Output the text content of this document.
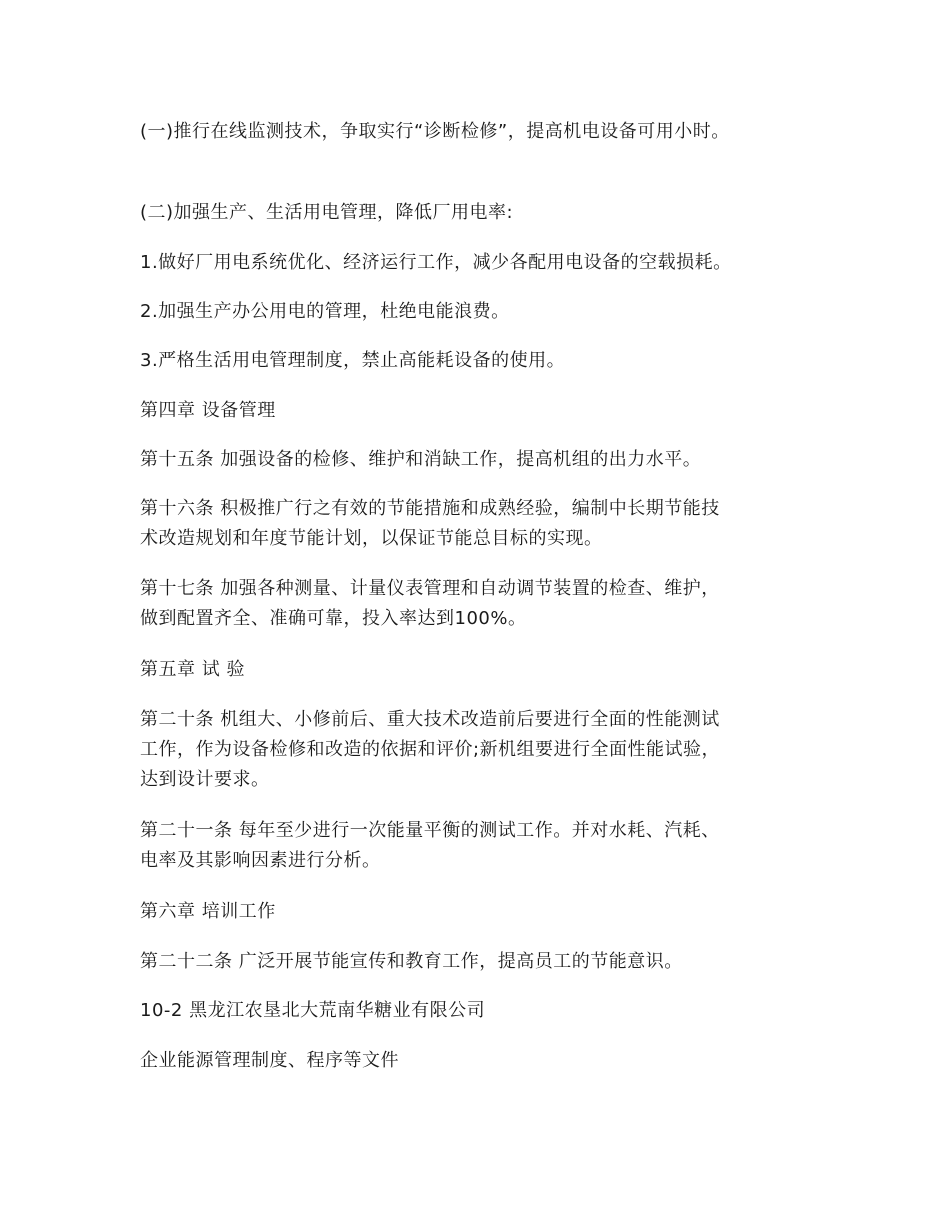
(一)推行在线监测技术，争取实行“诊断检修”，提高机电设备可用小时。

(二)加强生产、生活用电管理，降低厂用电率:

1.做好厂用电系统优化、经济运行工作，减少各配用电设备的空载损耗。

2.加强生产办公用电的管理，杜绝电能浪费。

3.严格生活用电管理制度，禁止高能耗设备的使用。

第四章 设备管理

第十五条 加强设备的检修、维护和消缺工作，提高机组的出力水平。

第十六条 积极推广行之有效的节能措施和成熟经验，编制中长期节能技
术改造规划和年度节能计划，以保证节能总目标的实现。

第十七条 加强各种测量、计量仪表管理和自动调节装置的检查、维护，
做到配置齐全、准确可靠，投入率达到100%。

第五章 试 验

第二十条 机组大、小修前后、重大技术改造前后要进行全面的性能测试
工作，作为设备检修和改造的依据和评价;新机组要进行全面性能试验，
达到设计要求。

第二十一条 每年至少进行一次能量平衡的测试工作。并对水耗、汽耗、
电率及其影响因素进行分析。

第六章 培训工作

第二十二条 广泛开展节能宣传和教育工作，提高员工的节能意识。

10-2 黑龙江农垦北大荒南华糖业有限公司

企业能源管理制度、程序等文件
